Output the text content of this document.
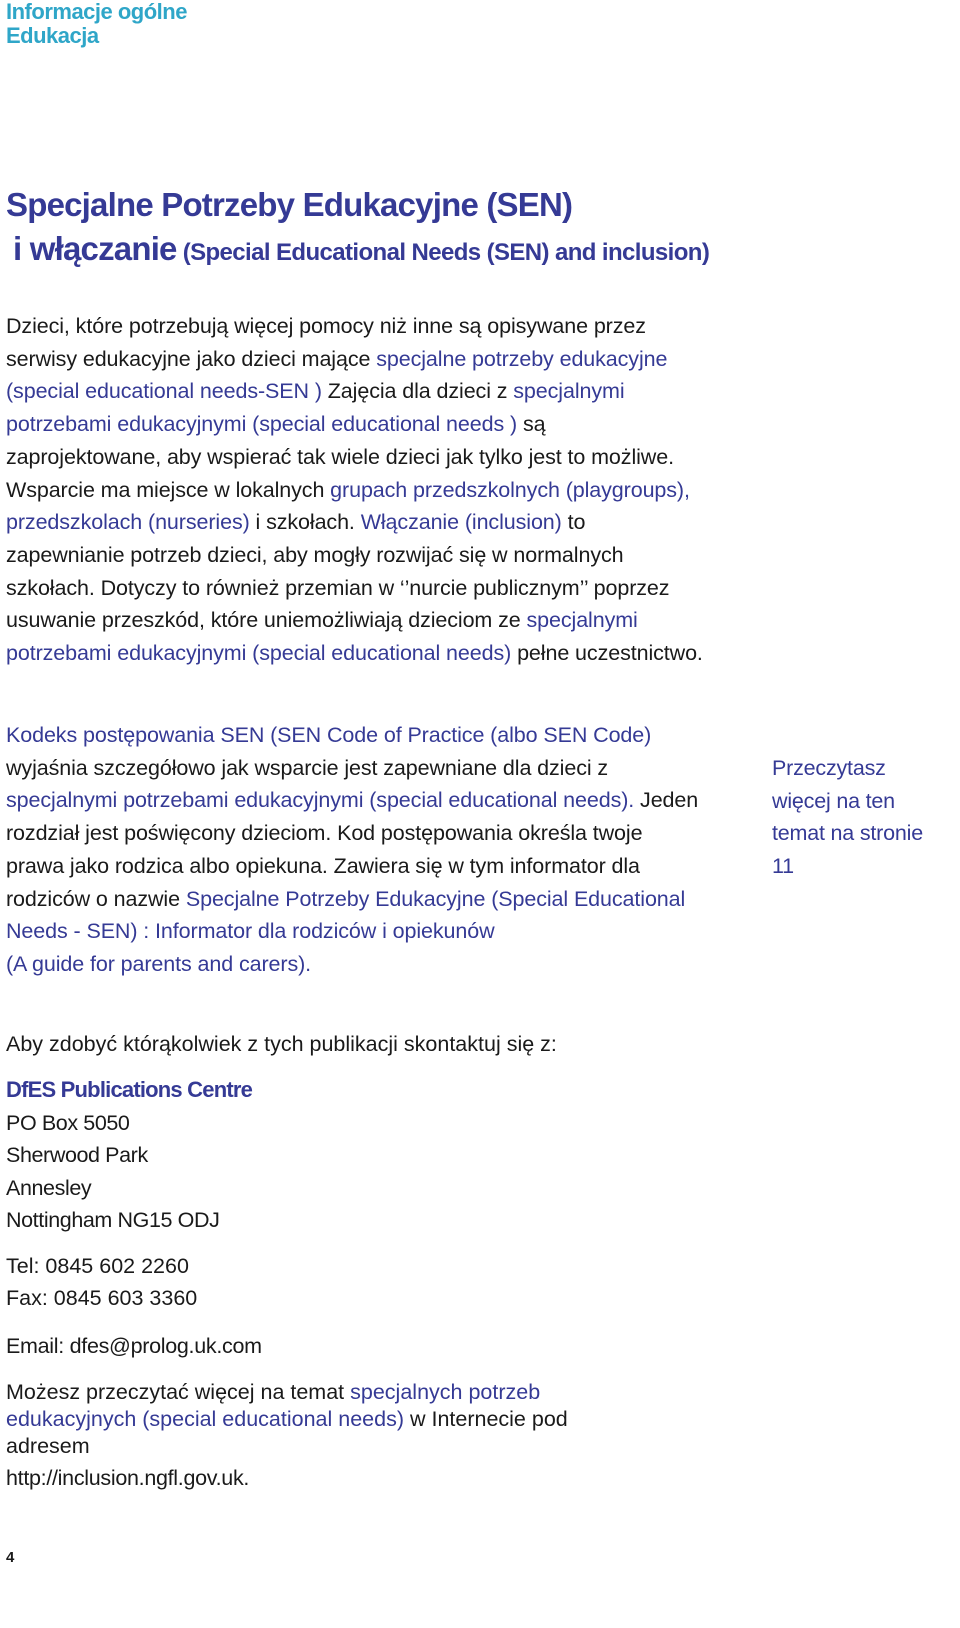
Informacje ogólne
Edukacja
Specjalne Potrzeby Edukacyjne (SEN)
i włączanie (Special Educational Needs (SEN) and inclusion)
Dzieci, które potrzebują więcej pomocy niż inne są opisywane przez serwisy edukacyjne jako dzieci mające specjalne potrzeby edukacyjne (special educational needs-SEN ) Zajęcia dla dzieci z specjalnymi potrzebami edukacyjnymi (special educational needs ) są zaprojektowane, aby wspierać tak wiele dzieci jak tylko jest to możliwe. Wsparcie ma miejsce w lokalnych grupach przedszkolnych (playgroups), przedszkolach (nurseries) i szkołach. Włączanie (inclusion) to zapewnianie potrzeb dzieci, aby mogły rozwijać się w normalnych szkołach. Dotyczy to również przemian w ‘’nurcie publicznym’’ poprzez usuwanie przeszkód, które uniemożliwiają dzieciom ze specjalnymi potrzebami edukacyjnymi (special educational needs) pełne uczestnictwo.
Kodeks postępowania SEN (SEN Code of Practice (albo SEN Code) wyjaśnia szczegółowo jak wsparcie jest zapewniane dla dzieci z specjalnymi potrzebami edukacyjnymi (special educational needs). Jeden rozdział jest poświęcony dzieciom. Kod postępowania określa twoje prawa jako rodzica albo opiekuna. Zawiera się w tym informator dla rodziców o nazwie Specjalne Potrzeby Edukacyjne (Special Educational Needs - SEN) : Informator dla rodziców i opiekunów
(A guide for parents and carers).
Przeczytasz
więcej na ten
temat na stronie
11
Aby zdobyć którąkolwiek z tych publikacji skontaktuj się z:
DfES Publications Centre
PO Box 5050
Sherwood Park
Annesley
Nottingham NG15 ODJ
Tel: 0845 602 2260
Fax: 0845 603 3360
Email: dfes@prolog.uk.com
Możesz przeczytać więcej na temat specjalnych potrzeb edukacyjnych (special educational needs) w Internecie pod adresem
http://inclusion.ngfl.gov.uk.
4
